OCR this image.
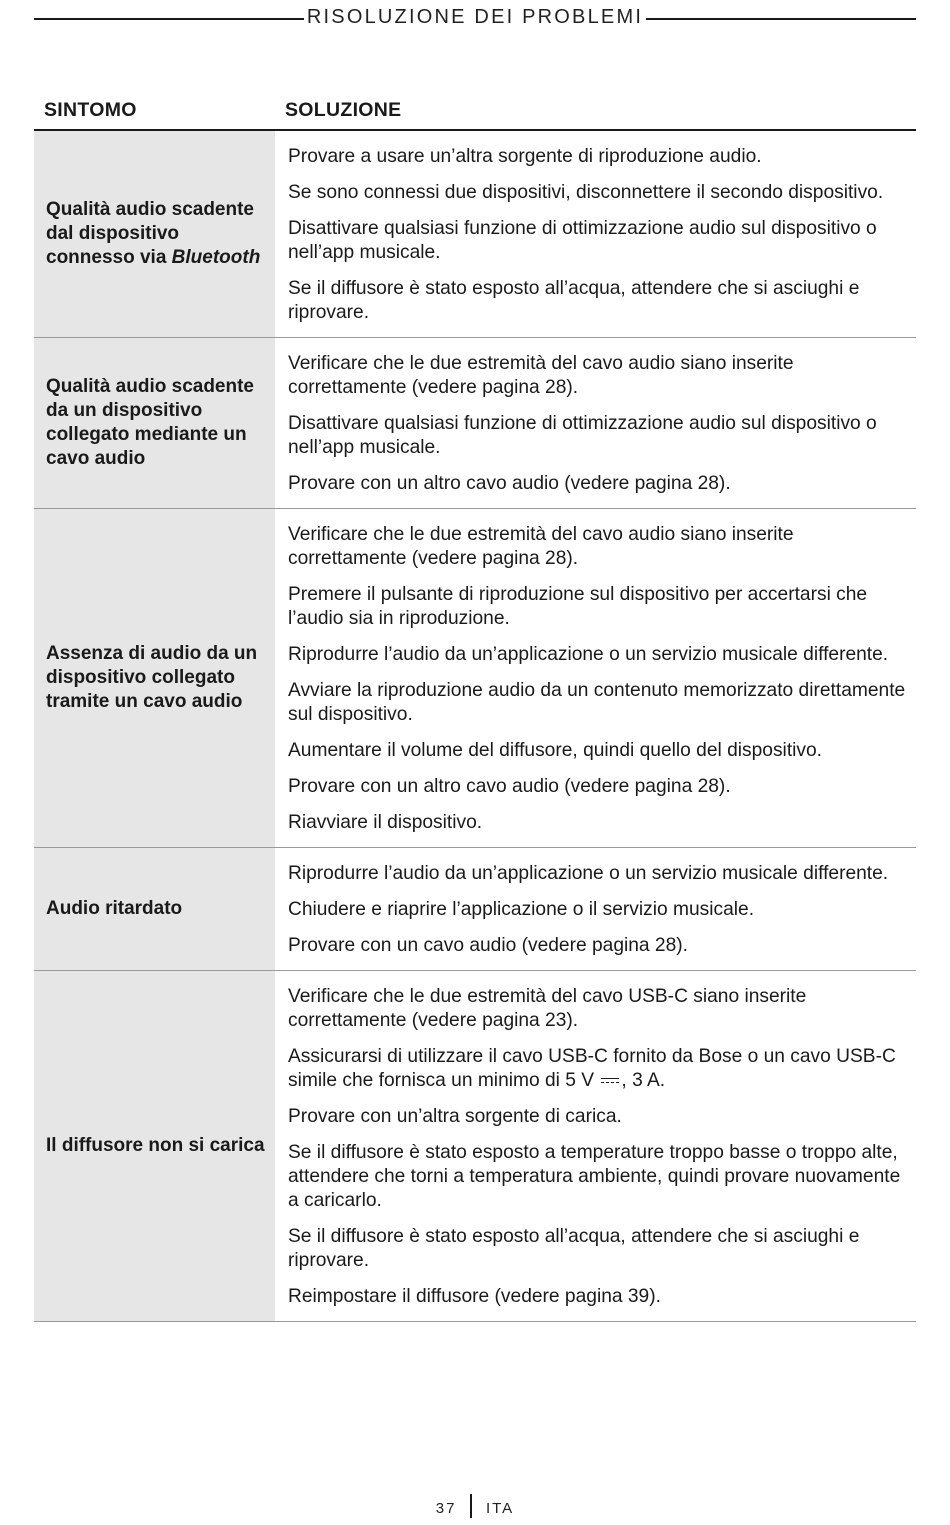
RISOLUZIONE DEI PROBLEMI
SINTOMO	SOLUZIONE
Qualità audio scadente dal dispositivo connesso via Bluetooth

Provare a usare un’altra sorgente di riproduzione audio.

Se sono connessi due dispositivi, disconnettere il secondo dispositivo.

Disattivare qualsiasi funzione di ottimizzazione audio sul dispositivo o nell’app musicale.

Se il diffusore è stato esposto all’acqua, attendere che si asciughi e riprovare.

Qualità audio scadente da un dispositivo collegato mediante un cavo audio

Verificare che le due estremità del cavo audio siano inserite correttamente (vedere pagina 28).

Disattivare qualsiasi funzione di ottimizzazione audio sul dispositivo o nell’app musicale.

Provare con un altro cavo audio (vedere pagina 28).

Assenza di audio da un dispositivo collegato tramite un cavo audio

Verificare che le due estremità del cavo audio siano inserite correttamente (vedere pagina 28).

Premere il pulsante di riproduzione sul dispositivo per accertarsi che l’audio sia in riproduzione.

Riprodurre l’audio da un’applicazione o un servizio musicale differente.

Avviare la riproduzione audio da un contenuto memorizzato direttamente sul dispositivo.

Aumentare il volume del diffusore, quindi quello del dispositivo.

Provare con un altro cavo audio (vedere pagina 28).

Riavviare il dispositivo.

Audio ritardato

Riprodurre l’audio da un’applicazione o un servizio musicale differente.

Chiudere e riaprire l’applicazione o il servizio musicale.

Provare con un cavo audio (vedere pagina 28).

Il diffusore non si carica

Verificare che le due estremità del cavo USB-C siano inserite correttamente (vedere pagina 23).

Assicurarsi di utilizzare il cavo USB-C fornito da Bose o un cavo USB-C simile che fornisca un minimo di 5 V , 3 A.

Provare con un’altra sorgente di carica.

Se il diffusore è stato esposto a temperature troppo basse o troppo alte, attendere che torni a temperatura ambiente, quindi provare nuovamente a caricarlo.

Se il diffusore è stato esposto all’acqua, attendere che si asciughi e riprovare.

Reimpostare il diffusore (vedere pagina 39).

37 ITA
